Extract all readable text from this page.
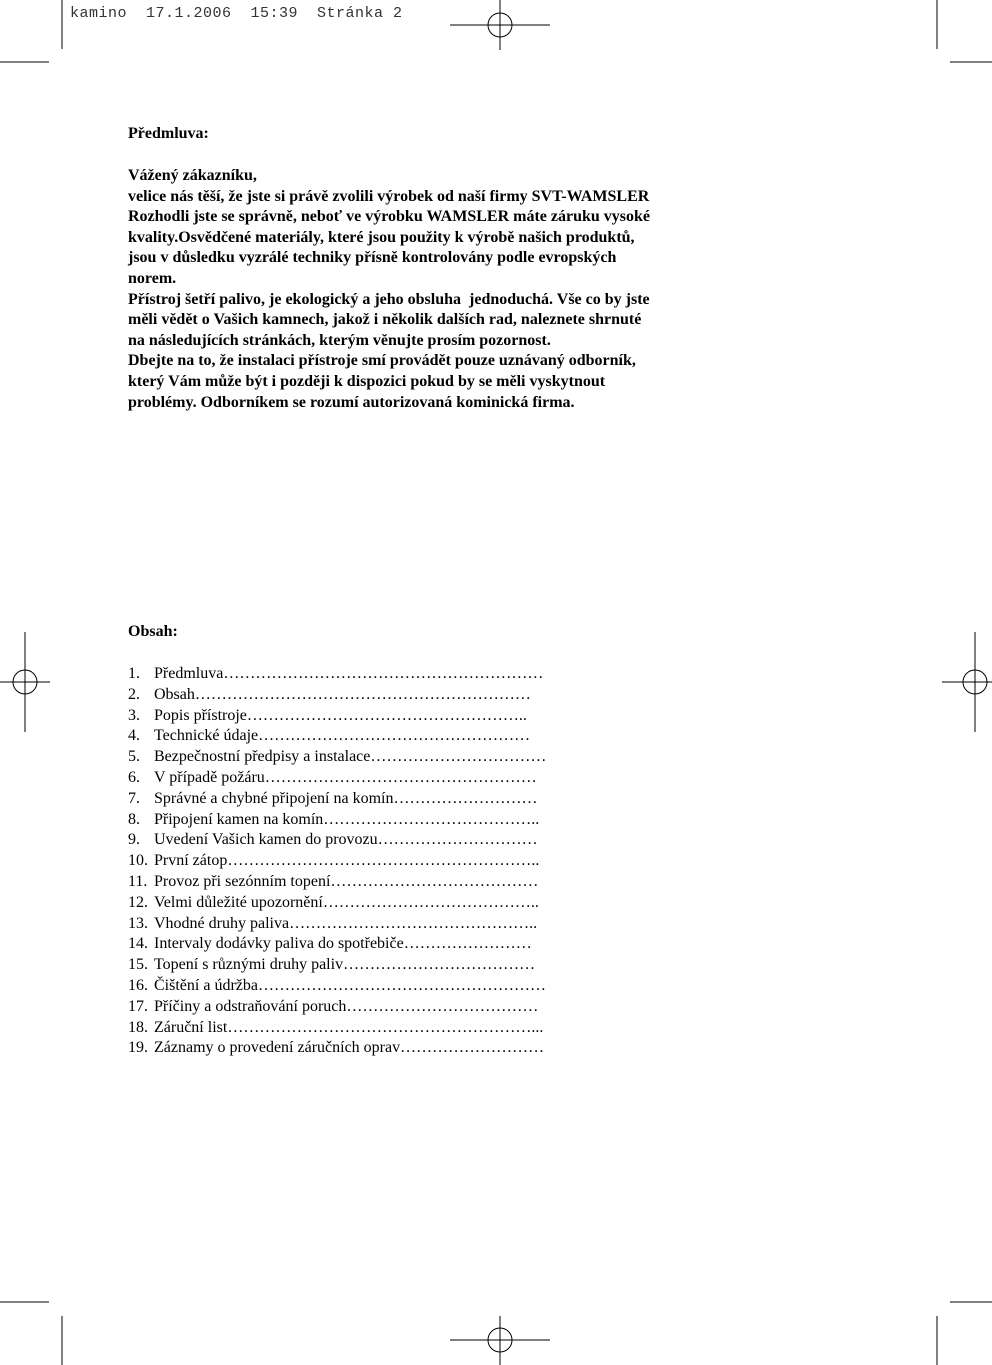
kamino  17.1.2006  15:39  Stránka 2

Předmluva:

Vážený zákazníku,

velice nás těší, že jste si právě zvolili výrobek od naší firmy SVT-WAMSLER

Rozhodli jste se správně, neboť ve výrobku WAMSLER máte záruku vysoké

kvality.Osvědčené materiály, které jsou použity k výrobě našich produktů,

jsou v důsledku vyzrálé techniky přísně kontrolovány podle evropských

norem.

Přístroj šetří palivo, je ekologický a jeho obsluha  jednoduchá. Vše co by jste

měli vědět o Vašich kamnech, jakož i několik dalších rad, naleznete shrnuté

na následujících stránkách, kterým věnujte prosím pozornost.

Dbejte na to, že instalaci přístroje smí provádět pouze uznávaný odborník,

který Vám může být i později k dispozici pokud by se měli vyskytnout

problémy. Odborníkem se rozumí autorizovaná kominická firma.

Obsah:

1. Předmluva……………………………………………………
2. Obsah………………………………………………………
3. Popis přístroje……………………………………………..
4. Technické údaje……………………………………………
5. Bezpečnostní předpisy a instalace……………………………
6. V případě požáru……………………………………………
7. Správné a chybné připojení na komín………………………
8. Připojení kamen na komín…………………………………..
9. Uvedení Vašich kamen do provozu…………………………
10. První zátop…………………………………………………..
11. Provoz při sezónním topení…………………………………
12. Velmi důležité upozornění…………………………………..
13. Vhodné druhy paliva………………………………………..
14. Intervaly dodávky paliva do spotřebiče……………………
15. Topení s různými druhy paliv………………………………
16. Čištění a údržba………………………………………………
17. Příčiny a odstraňování poruch………………………………
18. Záruční list…………………………………………………...
19. Záznamy o provedení záručních oprav………………………
